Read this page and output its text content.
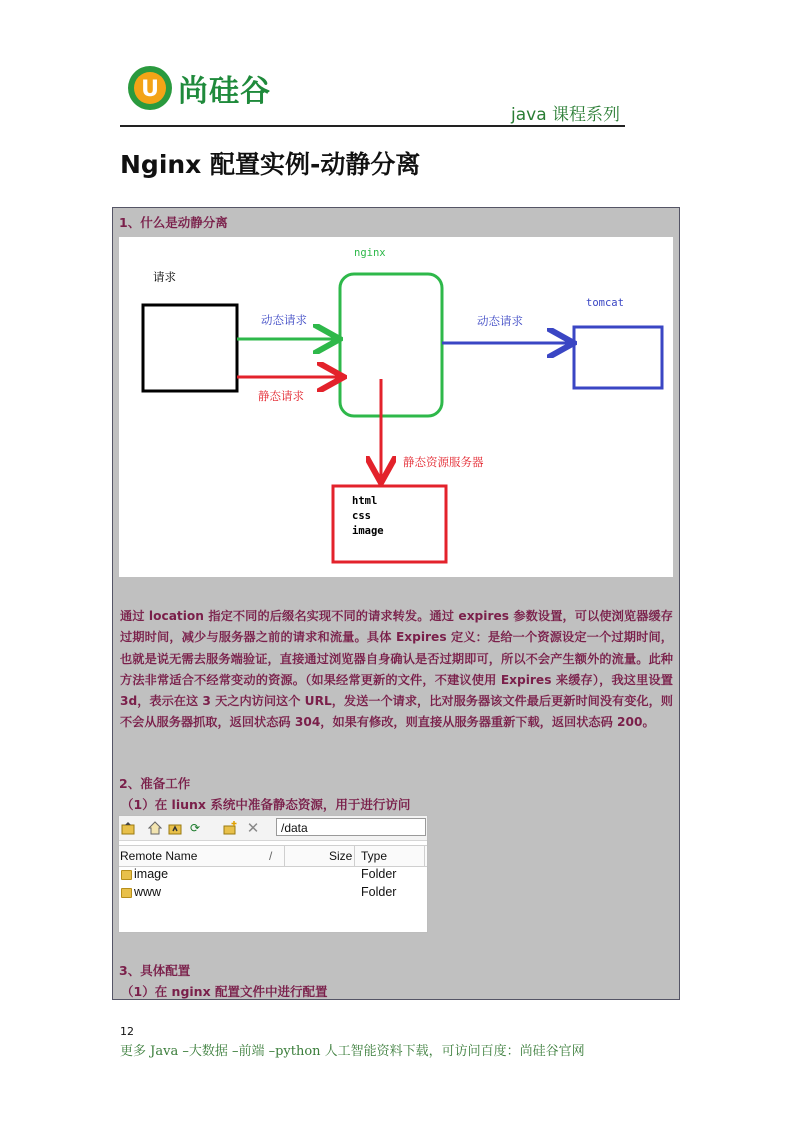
U 尚硅谷
java 课程系列
Nginx 配置实例-动静分离
1、什么是动静分离
请求
nginx
动态请求
静态请求
动态请求
tomcat
静态资源服务器
html
css
image
通过 location 指定不同的后缀名实现不同的请求转发。通过 expires 参数设置，可以使浏览器缓存过期时间，减少与服务器之前的请求和流量。具体 Expires 定义：是给一个资源设定一个过期时间，也就是说无需去服务端验证，直接通过浏览器自身确认是否过期即可，所以不会产生额外的流量。此种方法非常适合不经常变动的资源。（如果经常更新的文件，不建议使用 Expires 来缓存），我这里设置 3d，表示在这 3 天之内访问这个 URL，发送一个请求，比对服务器该文件最后更新时间没有变化，则不会从服务器抓取，返回状态码 304，如果有修改，则直接从服务器重新下载，返回状态码 200。
2、准备工作
（1）在 liunx 系统中准备静态资源，用于进行访问
⟳	✕	/data
Remote Name	/	Size Type
image	Folder
www	Folder
3、具体配置
（1）在 nginx 配置文件中进行配置
12
更多 Java –大数据 –前端 –python 人工智能资料下载，可访问百度：尚硅谷官网
